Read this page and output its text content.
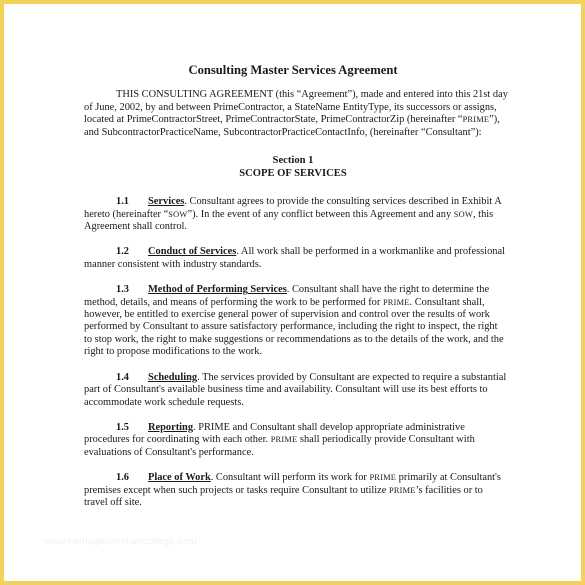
Consulting Master Services Agreement

THIS CONSULTING AGREEMENT (this “Agreement”), made and entered into this 21st day of June, 2002, by and between PrimeContractor, a StateName EntityType, its successors or assigns, located at PrimeContractorStreet, PrimeContractorState, PrimeContractorZip (hereinafter “PRIME”), and SubcontractorPracticeName, SubcontractorPracticeContactInfo, (hereinafter “Consultant”):

Section 1
SCOPE OF SERVICES

1.1 Services. Consultant agrees to provide the consulting services described in Exhibit A hereto (hereinafter “SOW”). In the event of any conflict between this Agreement and any SOW, this Agreement shall control.

1.2 Conduct of Services. All work shall be performed in a workmanlike and professional manner consistent with industry standards.

1.3 Method of Performing Services. Consultant shall have the right to determine the method, details, and means of performing the work to be performed for PRIME. Consultant shall, however, be entitled to exercise general power of supervision and control over the results of work performed by Consultant to assure satisfactory performance, including the right to inspect, the right to stop work, the right to make suggestions or recommendations as to the details of the work, and the right to propose modifications to the work.

1.4 Scheduling. The services provided by Consultant are expected to require a substantial part of Consultant's available business time and availability. Consultant will use its best efforts to accommodate work schedule requests.

1.5 Reporting. PRIME and Consultant shall develop appropriate administrative procedures for coordinating with each other. PRIME shall periodically provide Consultant with evaluations of Consultant's performance.

1.6 Place of Work. Consultant will perform its work for PRIME primarily at Consultant's premises except when such projects or tasks require Consultant to utilize PRIME’s facilities or to travel off site.

www.heritagechristiancollege.com
